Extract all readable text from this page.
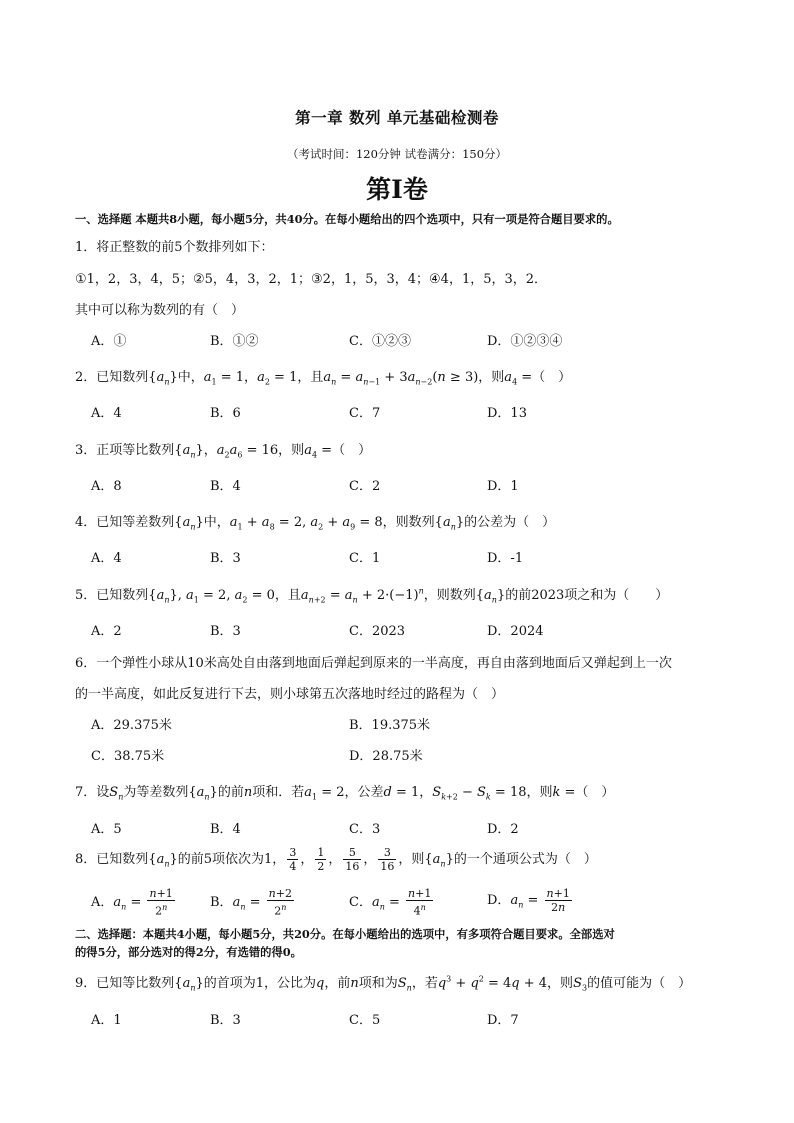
第一章 数列 单元基础检测卷
（考试时间：120分钟 试卷满分：150分）
第Ⅰ卷
一、选择题 本题共8小题，每小题5分，共40分。在每小题给出的四个选项中，只有一项是符合题目要求的。
1．将正整数的前5个数排列如下：
①1，2，3，4，5；②5，4，3，2，1；③2，1，5，3，4；④4，1，5，3，2．
其中可以称为数列的有（　）
A．①	B．①②	C．①②③	D．①②③④
2．已知数列$\{a_n\}$中，$a_1 = 1$，$a_2 = 1$，且$a_n = a_{n-1} + 3a_{n-2}(n \ge 3)$，则$a_4$ =（　）
A．4	B．6	C．7	D．13
3．正项等比数列$\{a_n\}$，$a_2a_6 = 16$，则$a_4$ =（　）
A．8	B．4	C．2	D．1
4．已知等差数列$\{a_n\}$中，$a_1 + a_8 = 2$, $a_2 + a_9 = 8$，则数列$\{a_n\}$的公差为（　）
A．4	B．3	C．1	D．-1
5．已知数列$\{a_n\}$, $a_1 = 2$, $a_2 = 0$，且$a_{n+2} = a_n + 2\cdot(-1)^n$，则数列$\{a_n\}$的前2023项之和为（　　）
A．2	B．3	C．2023	D．2024
6．一个弹性小球从10米高处自由落到地面后弹起到原来的一半高度，再自由落到地面后又弹起到上一次
的一半高度，如此反复进行下去，则小球第五次落地时经过的路程为（　）
A．29.375米	B．19.375米
C．38.75米	D．28.75米
7．设$S_n$为等差数列$\{a_n\}$的前n项和．若$a_1 = 2$，公差d = 1，$S_{k+2} - S_k = 18$，则k =（　）
A．5	B．4	C．3	D．2
8．已知数列$\{a_n\}$的前5项依次为1， $\frac{3}{4}$ ， $\frac{1}{2}$ ， $\frac{5}{16}$ ， $\frac{3}{16}$ ，则$\{a_n\}$的一个通项公式为（　）
A．$a_n = \frac{n+1}{2^n}$	B．$a_n = \frac{n+2}{2^n}$	C．$a_n = \frac{n+1}{4^n}$	D．$a_n = \frac{n+1}{2n}$
二、选择题：本题共4小题，每小题5分，共20分。在每小题给出的选项中，有多项符合题目要求。全部选对
的得5分，部分选对的得2分，有选错的得0。
9．已知等比数列$\{a_n\}$的首项为1，公比为q，前n项和为$S_n$，若$q^3 + q^2 = 4q + 4$，则$S_3$的值可能为（　）
A．1	B．3	C．5	D．7
